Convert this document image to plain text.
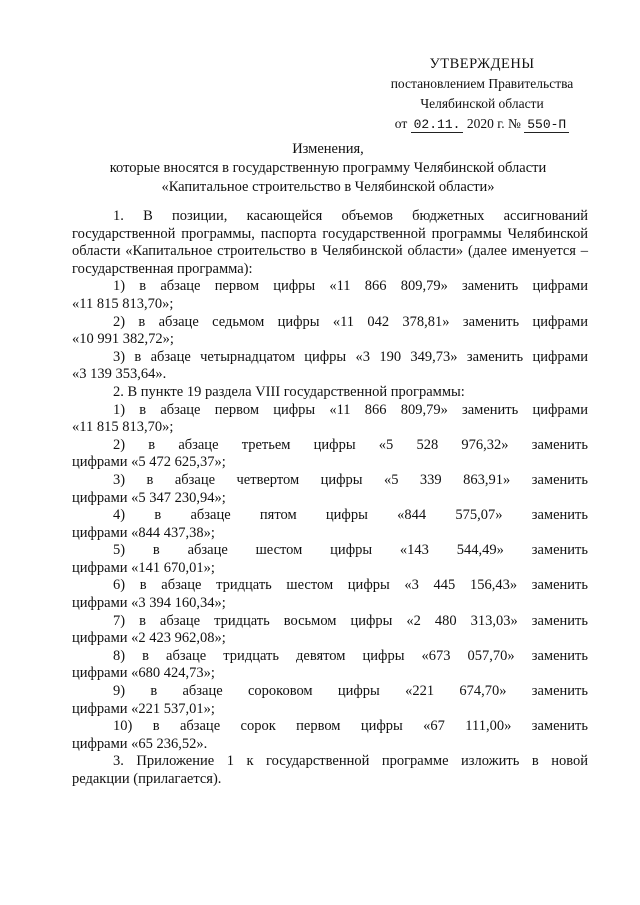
УТВЕРЖДЕНЫ
постановлением Правительства
Челябинской области
от 02.11. 2020 г. № 550-П
Изменения,
которые вносятся в государственную программу Челябинской области
«Капитальное строительство в Челябинской области»

1. В позиции, касающейся объемов бюджетных ассигнований государственной программы, паспорта государственной программы Челябинской области «Капитальное строительство в Челябинской области» (далее именуется – государственная программа):

1) в абзаце первом цифры «11 866 809,79» заменить цифрами

«11 815 813,70»;

2) в абзаце седьмом цифры «11 042 378,81» заменить цифрами

«10 991 382,72»;

3) в абзаце четырнадцатом цифры «3 190 349,73» заменить цифрами

«3 139 353,64».

2. В пункте 19 раздела VIII государственной программы:

1) в абзаце первом цифры «11 866 809,79» заменить цифрами

«11 815 813,70»;

2) в абзаце третьем цифры «5 528 976,32» заменить

цифрами «5 472 625,37»;

3) в абзаце четвертом цифры «5 339 863,91» заменить

цифрами «5 347 230,94»;

4) в абзаце пятом цифры «844 575,07» заменить

цифрами «844 437,38»;

5) в абзаце шестом цифры «143 544,49» заменить

цифрами «141 670,01»;

6) в абзаце тридцать шестом цифры «3 445 156,43» заменить

цифрами «3 394 160,34»;

7) в абзаце тридцать восьмом цифры «2 480 313,03» заменить

цифрами «2 423 962,08»;

8) в абзаце тридцать девятом цифры «673 057,70» заменить

цифрами «680 424,73»;

9) в абзаце сороковом цифры «221 674,70» заменить

цифрами «221 537,01»;

10) в абзаце сорок первом цифры «67 111,00» заменить

цифрами «65 236,52».

3. Приложение 1 к государственной программе изложить в новой

редакции (прилагается).
